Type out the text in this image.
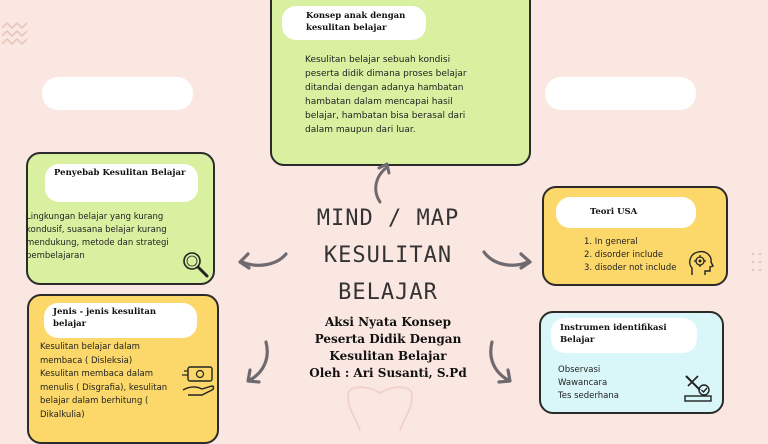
Konsep anak dengan
kesulitan belajar
Kesulitan belajar sebuah kondisi
peserta didik dimana proses belajar
ditandai dengan adanya hambatan
hambatan dalam mencapai hasil
belajar, hambatan bisa berasal dari
dalam maupun dari luar.
Penyebab Kesulitan Belajar
Lingkungan belajar yang kurang
kondusif, suasana belajar kurang
mendukung, metode dan strategi
pembelajaran
Jenis - jenis kesulitan
belajar
Kesulitan belajar dalam
membaca ( Disleksia)
Kesulitan membaca dalam
menulis ( Disgrafia), kesulitan
belajar dalam berhitung (
Dikalkulia)
Teori USA
1. In general
2. disorder include
3. disoder not include
Instrumen identifikasi
Belajar
Observasi
Wawancara
Tes sederhana
MIND / MAP
KESULITAN
BELAJAR
Aksi Nyata Konsep
Peserta Didik Dengan
Kesulitan Belajar
Oleh : Ari Susanti, S.Pd
